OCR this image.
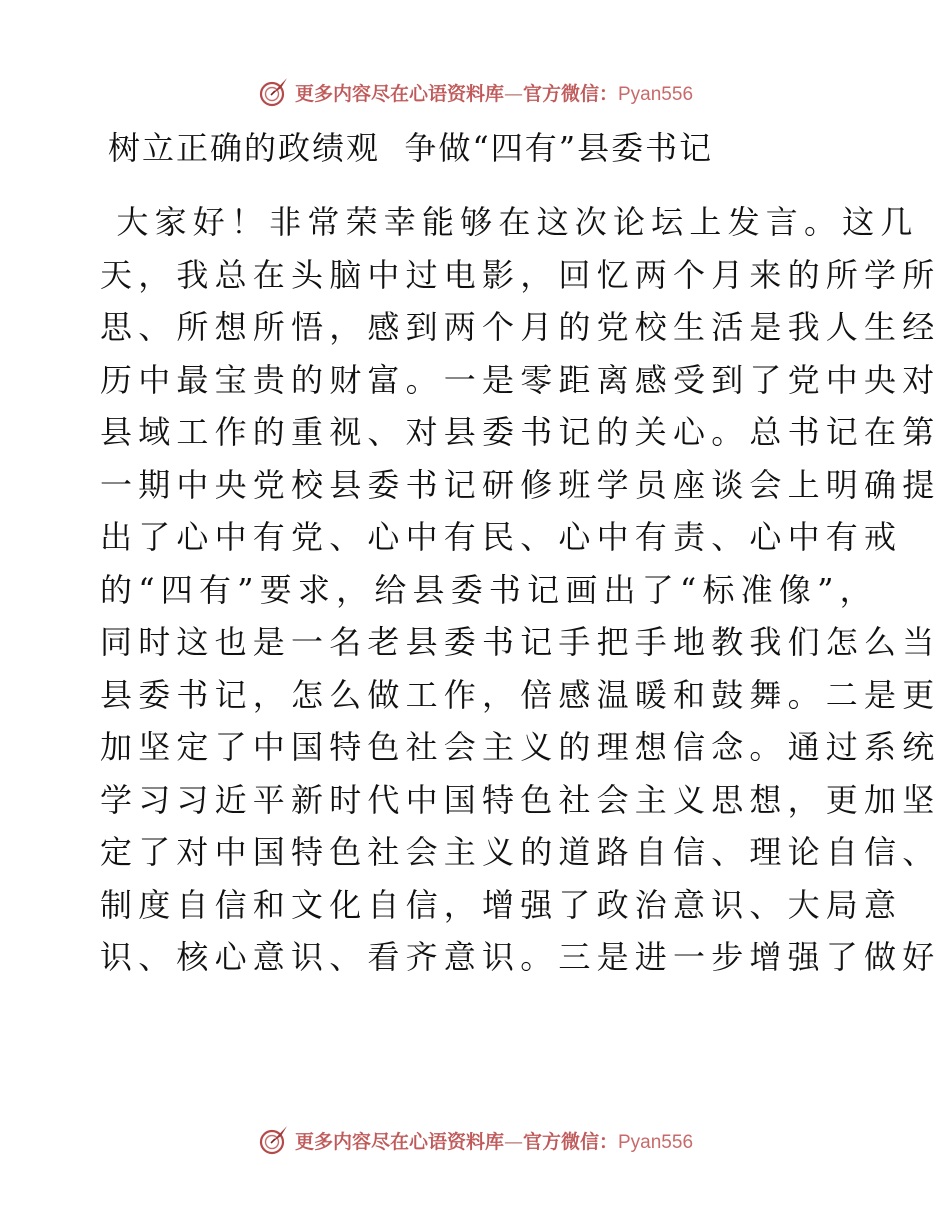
更多内容尽在心语资料库—官方微信：Pyan556
树立正确的政绩观  争做“四有”县委书记
大家好！非常荣幸能够在这次论坛上发言。这几
天，我总在头脑中过电影，回忆两个月来的所学所
思、所想所悟，感到两个月的党校生活是我人生经
历中最宝贵的财富。一是零距离感受到了党中央对
县域工作的重视、对县委书记的关心。总书记在第
一期中央党校县委书记研修班学员座谈会上明确提
出了心中有党、心中有民、心中有责、心中有戒
的“四有”要求，给县委书记画出了“标准像”，
同时这也是一名老县委书记手把手地教我们怎么当
县委书记，怎么做工作，倍感温暖和鼓舞。二是更
加坚定了中国特色社会主义的理想信念。通过系统
学习习近平新时代中国特色社会主义思想，更加坚
定了对中国特色社会主义的道路自信、理论自信、
制度自信和文化自信，增强了政治意识、大局意
识、核心意识、看齐意识。三是进一步增强了做好
更多内容尽在心语资料库—官方微信：Pyan556
